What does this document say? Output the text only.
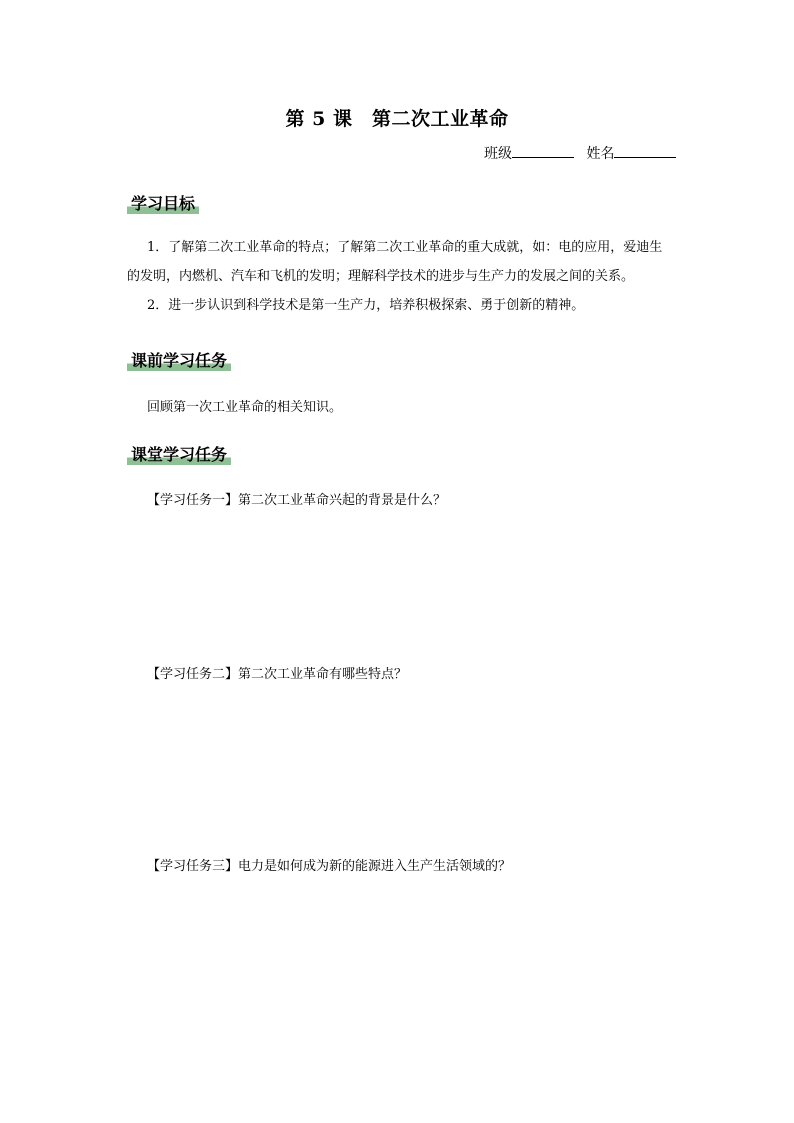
第 5 课　第二次工业革命
班级	姓名
学习目标

1．了解第二次工业革命的特点；了解第二次工业革命的重大成就，如：电的应用，爱迪生的发明，内燃机、汽车和飞机的发明；理解科学技术的进步与生产力的发展之间的关系。

2．进一步认识到科学技术是第一生产力，培养积极探索、勇于创新的精神。

课前学习任务
回顾第一次工业革命的相关知识。
课堂学习任务
【学习任务一】第二次工业革命兴起的背景是什么？
【学习任务二】第二次工业革命有哪些特点？
【学习任务三】电力是如何成为新的能源进入生产生活领域的？
